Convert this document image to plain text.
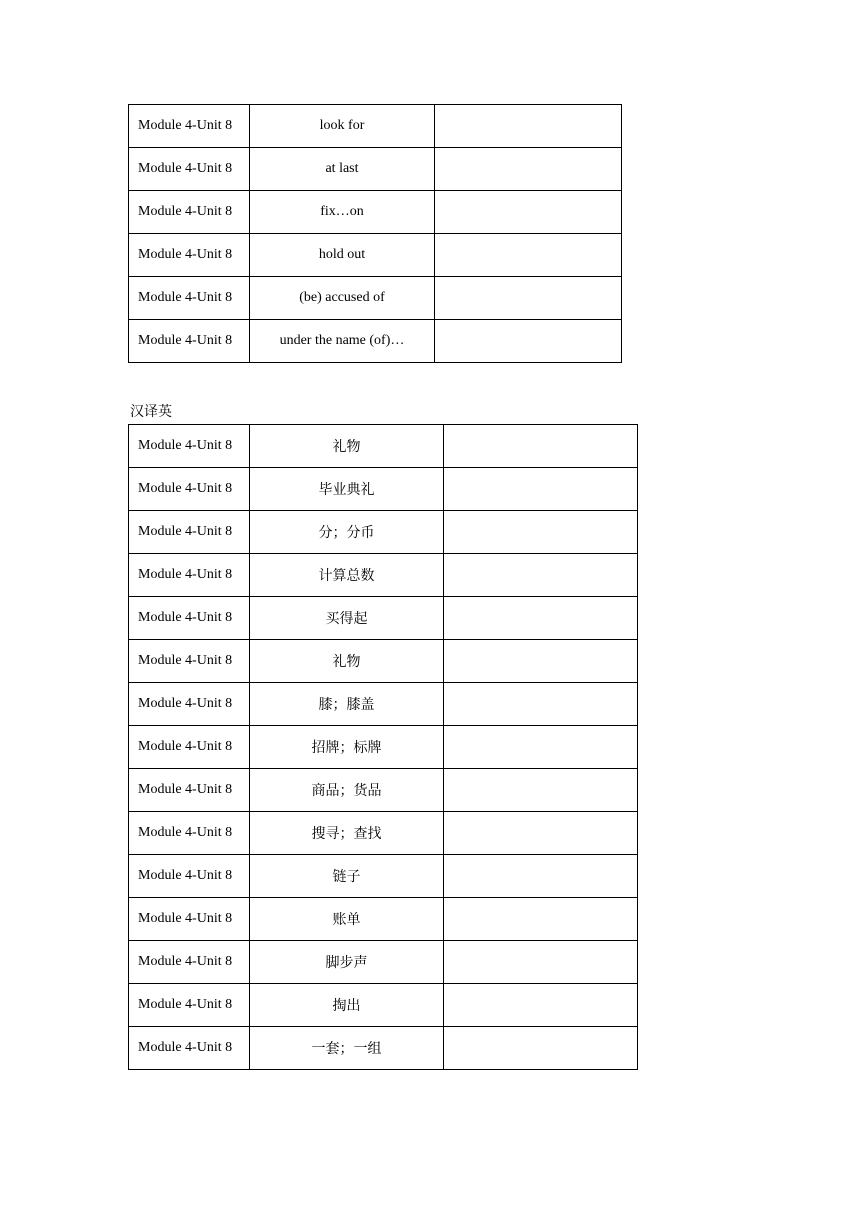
Module 4-Unit 8	look for	
Module 4-Unit 8	at last	
Module 4-Unit 8	fix…on	
Module 4-Unit 8	hold out	
Module 4-Unit 8	(be) accused of	
Module 4-Unit 8	under the name (of)…	
汉译英
Module 4-Unit 8	礼物	
Module 4-Unit 8	毕业典礼	
Module 4-Unit 8	分；分币	
Module 4-Unit 8	计算总数	
Module 4-Unit 8	买得起	
Module 4-Unit 8	礼物	
Module 4-Unit 8	膝；膝盖	
Module 4-Unit 8	招牌；标牌	
Module 4-Unit 8	商品；货品	
Module 4-Unit 8	搜寻；查找	
Module 4-Unit 8	链子	
Module 4-Unit 8	账单	
Module 4-Unit 8	脚步声	
Module 4-Unit 8	掏出	
Module 4-Unit 8	一套；一组	
